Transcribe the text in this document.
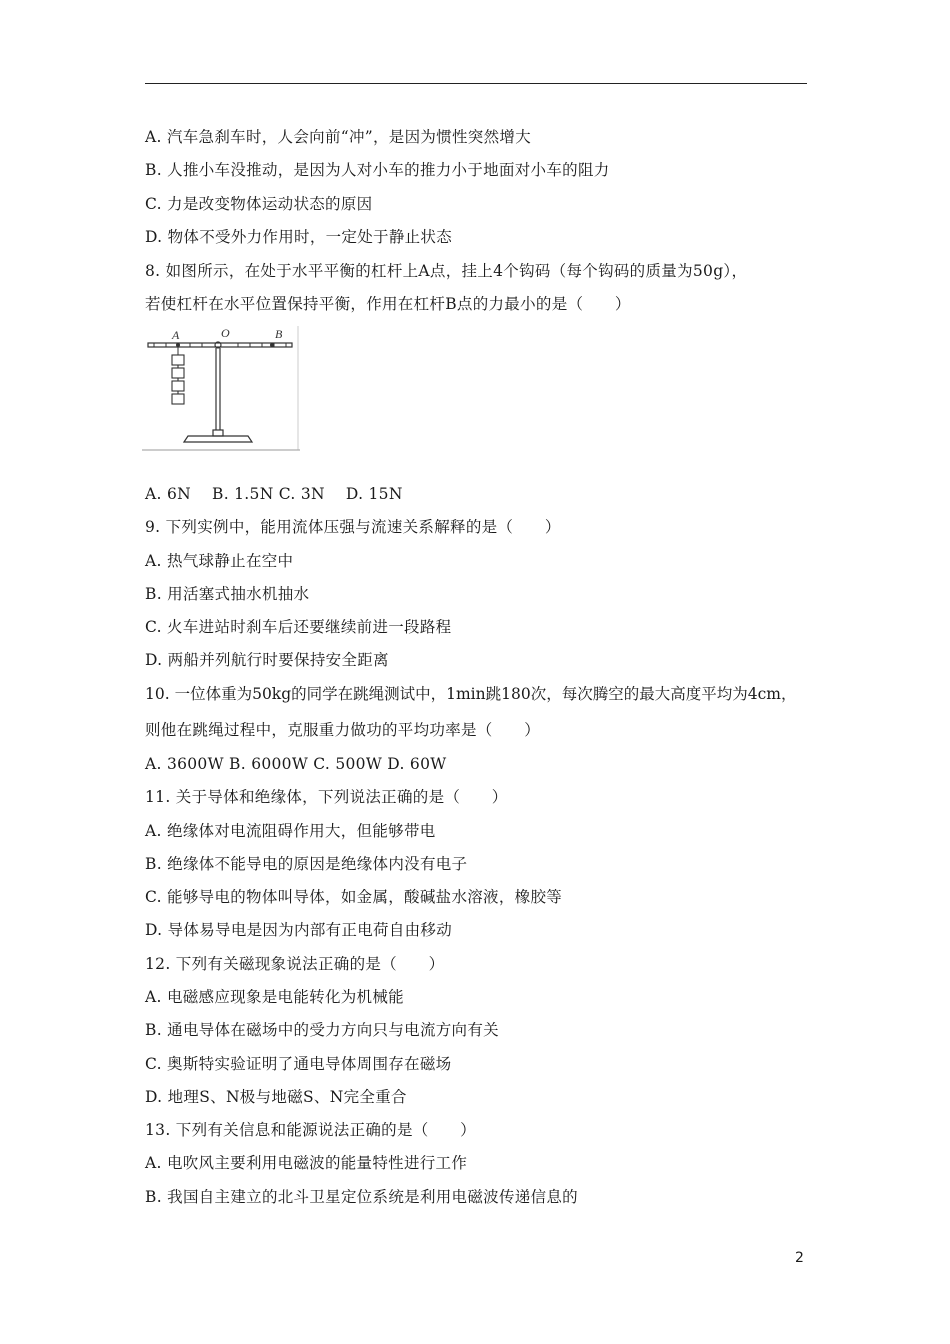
A. 汽车急刹车时，人会向前“冲”，是因为惯性突然增大
B. 人推小车没推动，是因为人对小车的推力小于地面对小车的阻力
C. 力是改变物体运动状态的原因
D. 物体不受外力作用时，一定处于静止状态
8. 如图所示，在处于水平平衡的杠杆上A点，挂上4个钩码（每个钩码的质量为50g），
若使杠杆在水平位置保持平衡，作用在杠杆B点的力最小的是（　　）
A	O	B
A. 6N　 B. 1.5N C. 3N　 D. 15N
9. 下列实例中，能用流体压强与流速关系解释的是（　　）
A. 热气球静止在空中
B. 用活塞式抽水机抽水
C. 火车进站时刹车后还要继续前进一段路程
D. 两船并列航行时要保持安全距离
10. 一位体重为50kg的同学在跳绳测试中，1min跳180次，每次腾空的最大高度平均为4cm，
则他在跳绳过程中，克服重力做功的平均功率是（　　）
A. 3600W B. 6000W C. 500W D. 60W
11. 关于导体和绝缘体，下列说法正确的是（　　）
A. 绝缘体对电流阻碍作用大，但能够带电
B. 绝缘体不能导电的原因是绝缘体内没有电子
C. 能够导电的物体叫导体，如金属，酸碱盐水溶液，橡胶等
D. 导体易导电是因为内部有正电荷自由移动
12. 下列有关磁现象说法正确的是（　　）
A. 电磁感应现象是电能转化为机械能
B. 通电导体在磁场中的受力方向只与电流方向有关
C. 奥斯特实验证明了通电导体周围存在磁场
D. 地理S、N极与地磁S、N完全重合
13. 下列有关信息和能源说法正确的是（　　）
A. 电吹风主要利用电磁波的能量特性进行工作
B. 我国自主建立的北斗卫星定位系统是利用电磁波传递信息的
2
